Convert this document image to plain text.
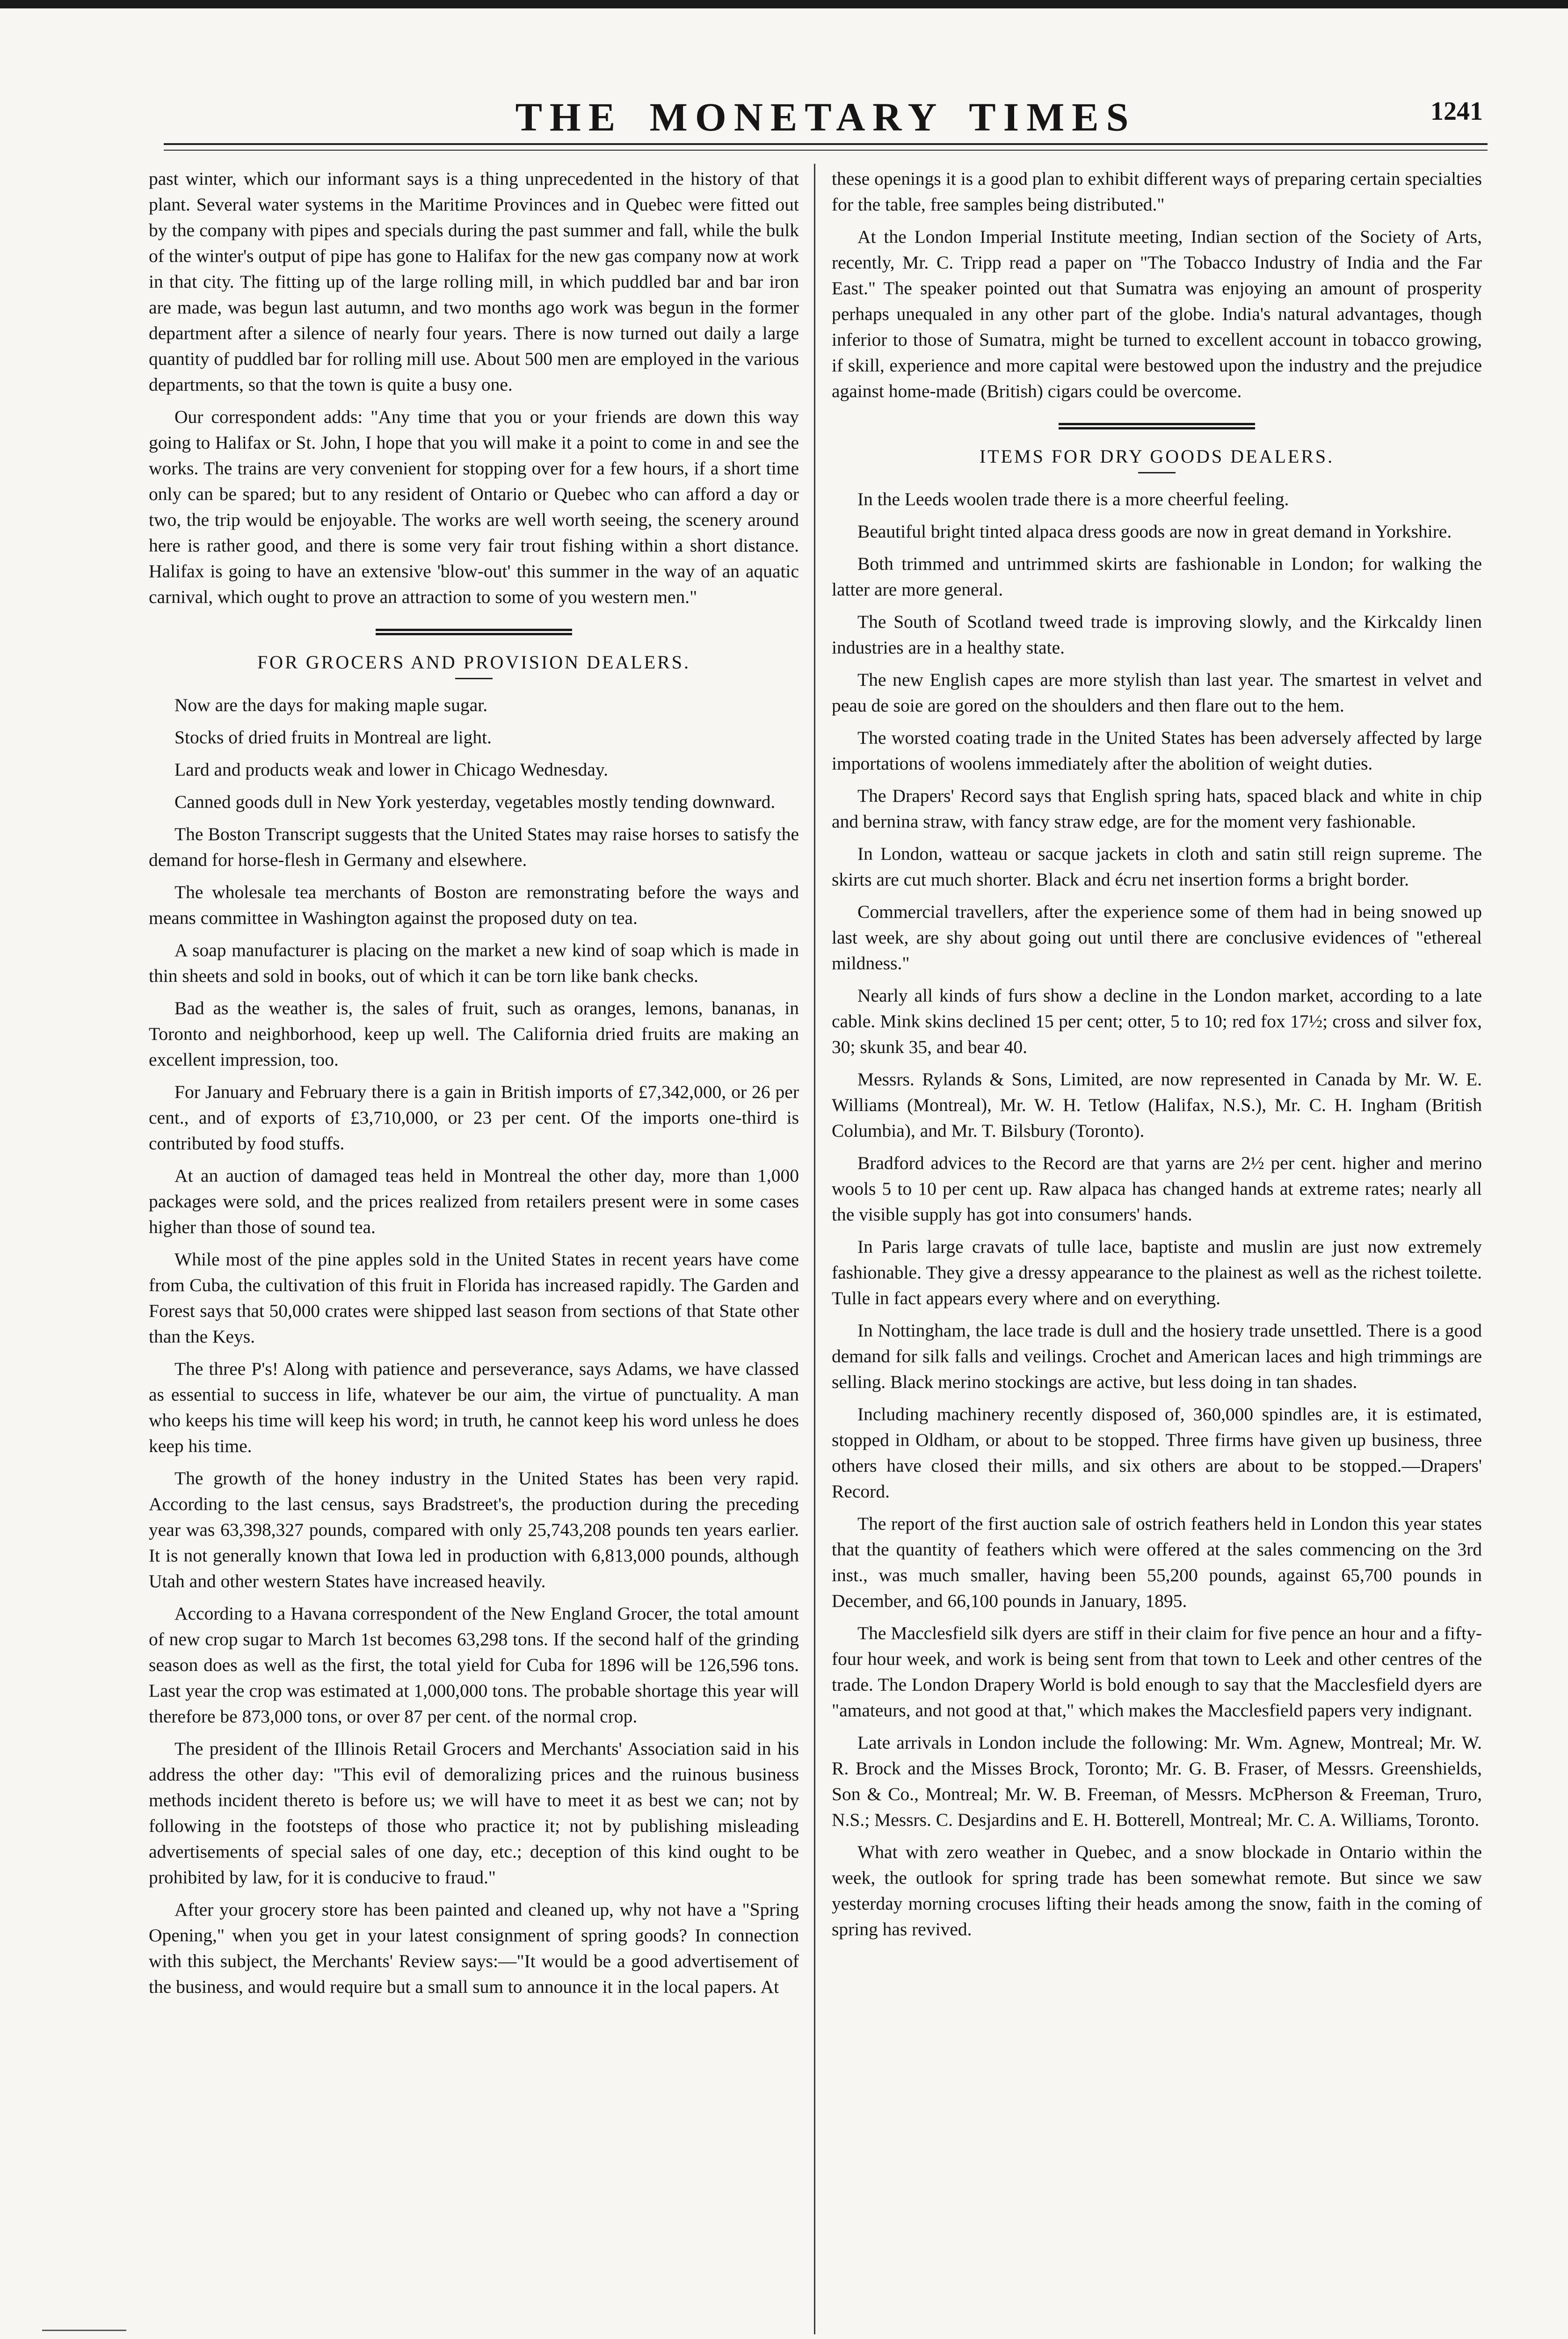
THE MONETARY TIMES	1241

past winter, which our informant says is a thing unprecedented in the history of that plant. Several water systems in the Maritime Provinces and in Quebec were fitted out by the company with pipes and specials during the past summer and fall, while the bulk of the winter's output of pipe has gone to Halifax for the new gas company now at work in that city. The fitting up of the large rolling mill, in which puddled bar and bar iron are made, was begun last autumn, and two months ago work was begun in the former department after a silence of nearly four years. There is now turned out daily a large quantity of puddled bar for rolling mill use. About 500 men are employed in the various departments, so that the town is quite a busy one.

Our correspondent adds: "Any time that you or your friends are down this way going to Halifax or St. John, I hope that you will make it a point to come in and see the works. The trains are very convenient for stopping over for a few hours, if a short time only can be spared; but to any resident of Ontario or Quebec who can afford a day or two, the trip would be enjoyable. The works are well worth seeing, the scenery around here is rather good, and there is some very fair trout fishing within a short distance. Halifax is going to have an extensive 'blow-out' this summer in the way of an aquatic carnival, which ought to prove an attraction to some of you western men."

FOR GROCERS AND PROVISION DEALERS.

Now are the days for making maple sugar.

Stocks of dried fruits in Montreal are light.

Lard and products weak and lower in Chicago Wednesday.

Canned goods dull in New York yesterday, vegetables mostly tending downward.

The Boston Transcript suggests that the United States may raise horses to satisfy the demand for horse-flesh in Germany and elsewhere.

The wholesale tea merchants of Boston are remonstrating before the ways and means committee in Washington against the proposed duty on tea.

A soap manufacturer is placing on the market a new kind of soap which is made in thin sheets and sold in books, out of which it can be torn like bank checks.

Bad as the weather is, the sales of fruit, such as oranges, lemons, bananas, in Toronto and neighborhood, keep up well. The California dried fruits are making an excellent impression, too.

For January and February there is a gain in British imports of £7,342,000, or 26 per cent., and of exports of £3,710,000, or 23 per cent. Of the imports one-third is contributed by food stuffs.

At an auction of damaged teas held in Montreal the other day, more than 1,000 packages were sold, and the prices realized from retailers present were in some cases higher than those of sound tea.

While most of the pine apples sold in the United States in recent years have come from Cuba, the cultivation of this fruit in Florida has increased rapidly. The Garden and Forest says that 50,000 crates were shipped last season from sections of that State other than the Keys.

The three P's! Along with patience and perseverance, says Adams, we have classed as essential to success in life, whatever be our aim, the virtue of punctuality. A man who keeps his time will keep his word; in truth, he cannot keep his word unless he does keep his time.

The growth of the honey industry in the United States has been very rapid. According to the last census, says Bradstreet's, the production during the preceding year was 63,398,327 pounds, compared with only 25,743,208 pounds ten years earlier. It is not generally known that Iowa led in production with 6,813,000 pounds, although Utah and other western States have increased heavily.

According to a Havana correspondent of the New England Grocer, the total amount of new crop sugar to March 1st becomes 63,298 tons. If the second half of the grinding season does as well as the first, the total yield for Cuba for 1896 will be 126,596 tons. Last year the crop was estimated at 1,000,000 tons. The probable shortage this year will therefore be 873,000 tons, or over 87 per cent. of the normal crop.

The president of the Illinois Retail Grocers and Merchants' Association said in his address the other day: "This evil of demoralizing prices and the ruinous business methods incident thereto is before us; we will have to meet it as best we can; not by following in the footsteps of those who practice it; not by publishing misleading advertisements of special sales of one day, etc.; deception of this kind ought to be prohibited by law, for it is conducive to fraud."

After your grocery store has been painted and cleaned up, why not have a "Spring Opening," when you get in your latest consignment of spring goods? In connection with this subject, the Merchants' Review says:—"It would be a good advertisement of the business, and would require but a small sum to announce it in the local papers. At

these openings it is a good plan to exhibit different ways of preparing certain specialties for the table, free samples being distributed."

At the London Imperial Institute meeting, Indian section of the Society of Arts, recently, Mr. C. Tripp read a paper on "The Tobacco Industry of India and the Far East." The speaker pointed out that Sumatra was enjoying an amount of prosperity perhaps unequaled in any other part of the globe. India's natural advantages, though inferior to those of Sumatra, might be turned to excellent account in tobacco growing, if skill, experience and more capital were bestowed upon the industry and the prejudice against home-made (British) cigars could be overcome.

ITEMS FOR DRY GOODS DEALERS.

In the Leeds woolen trade there is a more cheerful feeling.

Beautiful bright tinted alpaca dress goods are now in great demand in Yorkshire.

Both trimmed and untrimmed skirts are fashionable in London; for walking the latter are more general.

The South of Scotland tweed trade is improving slowly, and the Kirkcaldy linen industries are in a healthy state.

The new English capes are more stylish than last year. The smartest in velvet and peau de soie are gored on the shoulders and then flare out to the hem.

The worsted coating trade in the United States has been adversely affected by large importations of woolens immediately after the abolition of weight duties.

The Drapers' Record says that English spring hats, spaced black and white in chip and bernina straw, with fancy straw edge, are for the moment very fashionable.

In London, watteau or sacque jackets in cloth and satin still reign supreme. The skirts are cut much shorter. Black and écru net insertion forms a bright border.

Commercial travellers, after the experience some of them had in being snowed up last week, are shy about going out until there are conclusive evidences of "ethereal mildness."

Nearly all kinds of furs show a decline in the London market, according to a late cable. Mink skins declined 15 per cent; otter, 5 to 10; red fox 17½; cross and silver fox, 30; skunk 35, and bear 40.

Messrs. Rylands & Sons, Limited, are now represented in Canada by Mr. W. E. Williams (Montreal), Mr. W. H. Tetlow (Halifax, N.S.), Mr. C. H. Ingham (British Columbia), and Mr. T. Bilsbury (Toronto).

Bradford advices to the Record are that yarns are 2½ per cent. higher and merino wools 5 to 10 per cent up. Raw alpaca has changed hands at extreme rates; nearly all the visible supply has got into consumers' hands.

In Paris large cravats of tulle lace, baptiste and muslin are just now extremely fashionable. They give a dressy appearance to the plainest as well as the richest toilette. Tulle in fact appears every where and on everything.

In Nottingham, the lace trade is dull and the hosiery trade unsettled. There is a good demand for silk falls and veilings. Crochet and American laces and high trimmings are selling. Black merino stockings are active, but less doing in tan shades.

Including machinery recently disposed of, 360,000 spindles are, it is estimated, stopped in Oldham, or about to be stopped. Three firms have given up business, three others have closed their mills, and six others are about to be stopped.—Drapers' Record.

The report of the first auction sale of ostrich feathers held in London this year states that the quantity of feathers which were offered at the sales commencing on the 3rd inst., was much smaller, having been 55,200 pounds, against 65,700 pounds in December, and 66,100 pounds in January, 1895.

The Macclesfield silk dyers are stiff in their claim for five pence an hour and a fifty-four hour week, and work is being sent from that town to Leek and other centres of the trade. The London Drapery World is bold enough to say that the Macclesfield dyers are "amateurs, and not good at that," which makes the Macclesfield papers very indignant.

Late arrivals in London include the following: Mr. Wm. Agnew, Montreal; Mr. W. R. Brock and the Misses Brock, Toronto; Mr. G. B. Fraser, of Messrs. Greenshields, Son & Co., Montreal; Mr. W. B. Freeman, of Messrs. McPherson & Freeman, Truro, N.S.; Messrs. C. Desjardins and E. H. Botterell, Montreal; Mr. C. A. Williams, Toronto.

What with zero weather in Quebec, and a snow blockade in Ontario within the week, the outlook for spring trade has been somewhat remote. But since we saw yesterday morning crocuses lifting their heads among the snow, faith in the coming of spring has revived.
